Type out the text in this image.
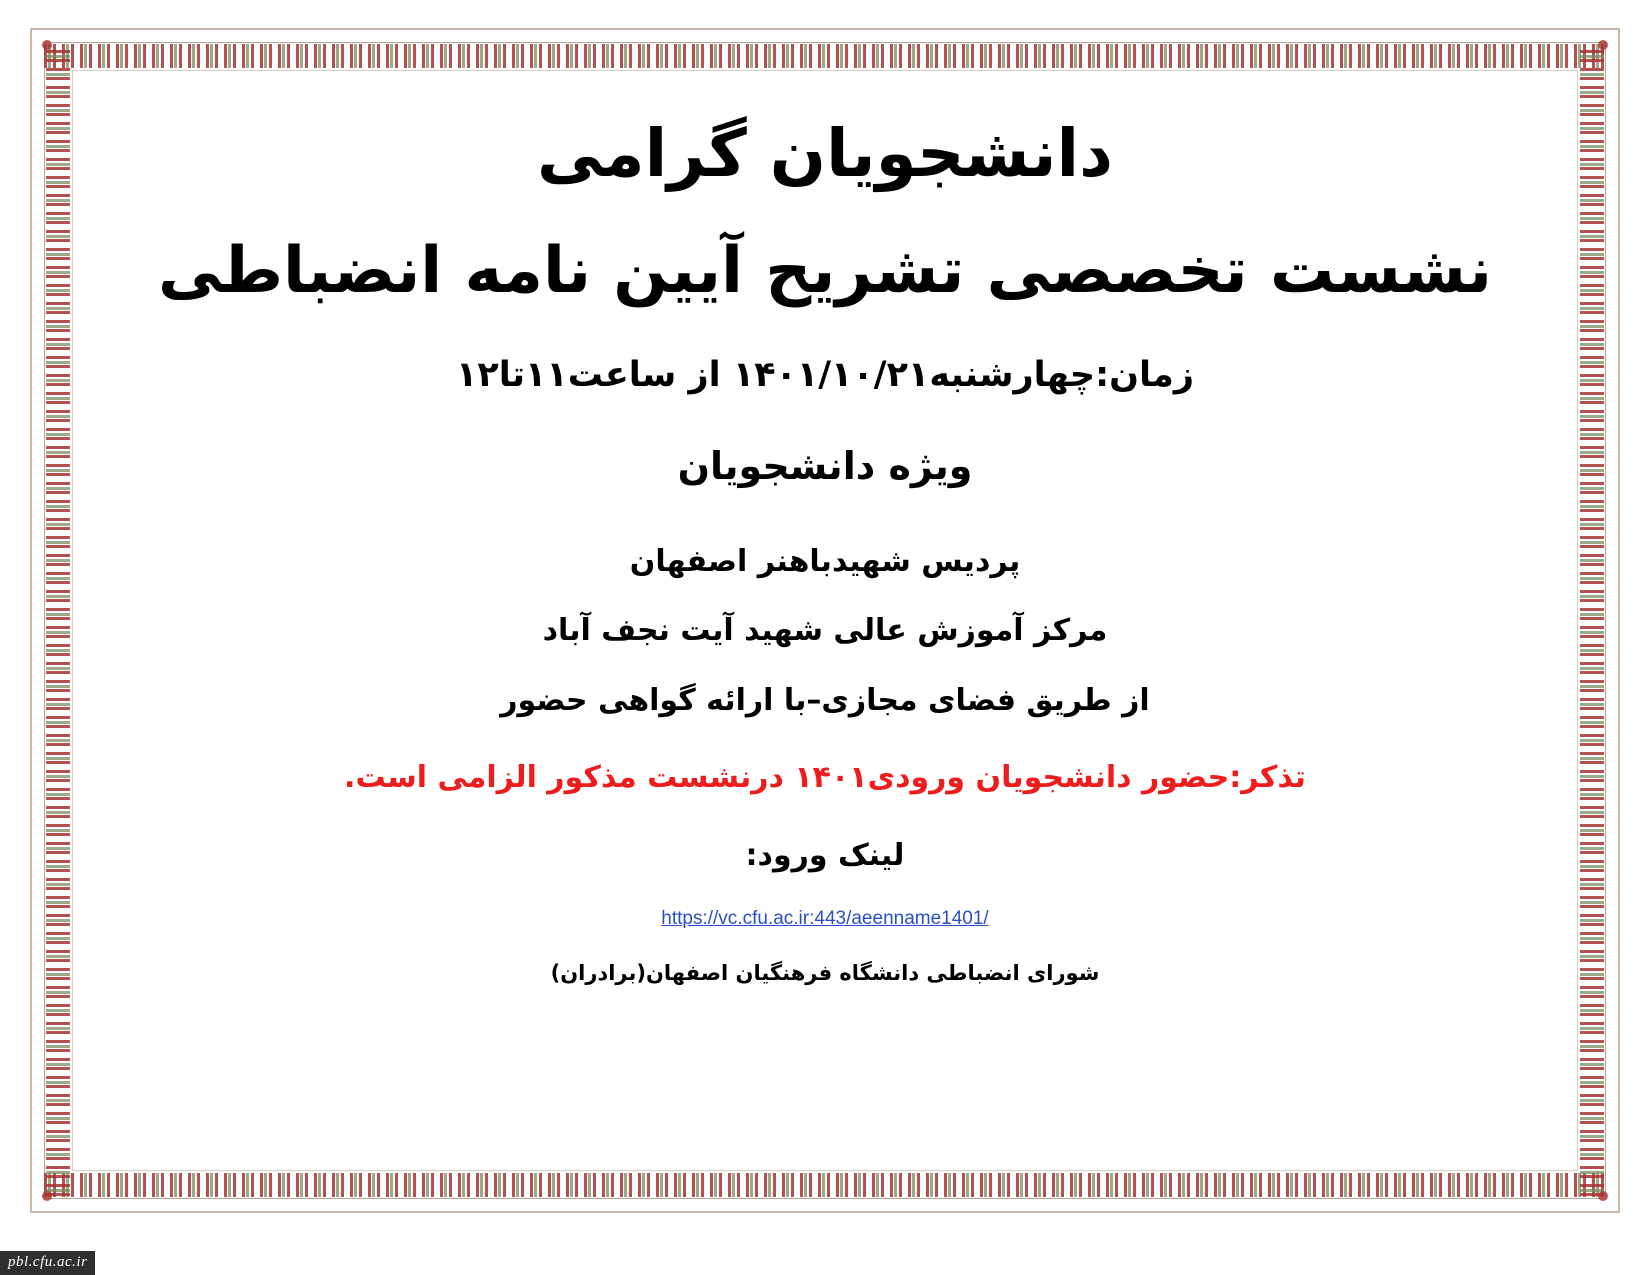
دانشجویان گرامی
نشست تخصصی تشریح آیین نامه انضباطی
زمان:چهارشنبه۱۴۰۱/۱۰/۲۱ از ساعت۱۱تا۱۲
ویژه دانشجویان
پردیس شهیدباهنر اصفهان
مرکز آموزش عالی شهید آیت نجف آباد
از طریق فضای مجازی–با ارائه گواهی حضور
تذکر:حضور دانشجویان ورودی۱۴۰۱ درنشست مذکور الزامی است.
لینک ورود:
https://vc.cfu.ac.ir:443/aeenname1401/
شورای انضباطی دانشگاه فرهنگیان اصفهان(برادران)
pbl.cfu.ac.ir
